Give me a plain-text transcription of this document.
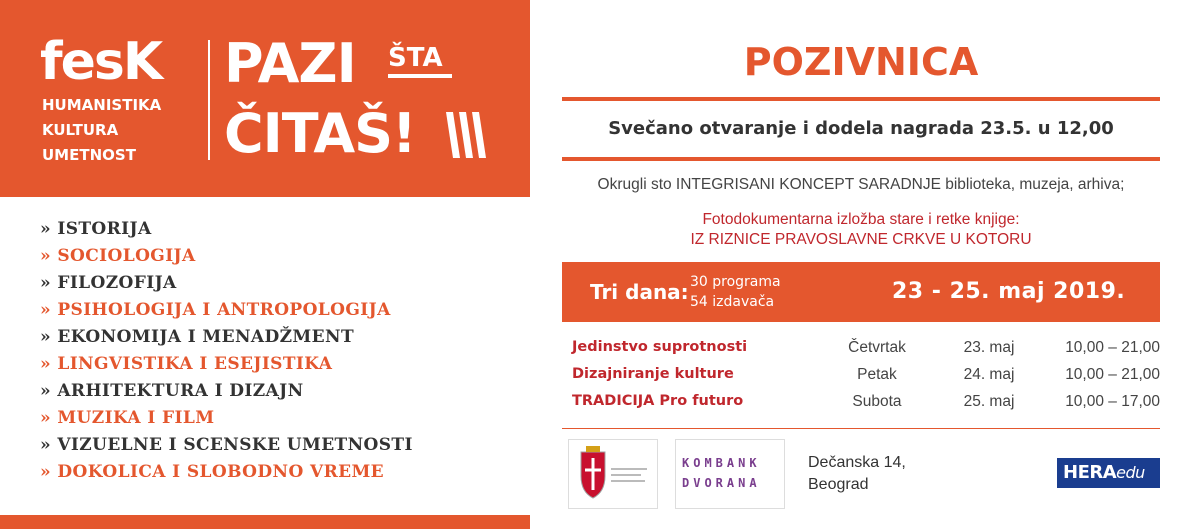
fesK
HUMANISTIKA
KULTURA
UMETNOST
PAZI ŠTA
ČITAŠ!
» ISTORIJA
» SOCIOLOGIJA
» FILOZOFIJA
» PSIHOLOGIJA I ANTROPOLOGIJA
» EKONOMIJA I MENADŽMENT
» LINGVISTIKA I ESEJISTIKA
» ARHITEKTURA I DIZAJN
» MUZIKA I FILM
» VIZUELNE I SCENSKE UMETNOSTI
» DOKOLICA I SLOBODNO VREME
POZIVNICA
Svečano otvaranje i dodela nagrada 23.5. u 12,00
Okrugli sto INTEGRISANI KONCEPT SARADNJE biblioteka, muzeja, arhiva;
Fotodokumentarna izložba stare i retke knjige:
IZ RIZNICE PRAVOSLAVNE CRKVE U KOTORU
Tri dana: 30 programa
54 izdavača	23 - 25. maj 2019.
Jedinstvo suprotnosti	Četvrtak	23. maj	10,00 – 21,00
Dizajniranje kulture	Petak	24. maj	10,00 – 21,00
TRADICIJA Pro futuro	Subota	25. maj	10,00 – 17,00
KOMBANK
DVORANA
Dečanska 14,
Beograd
HERAedu
